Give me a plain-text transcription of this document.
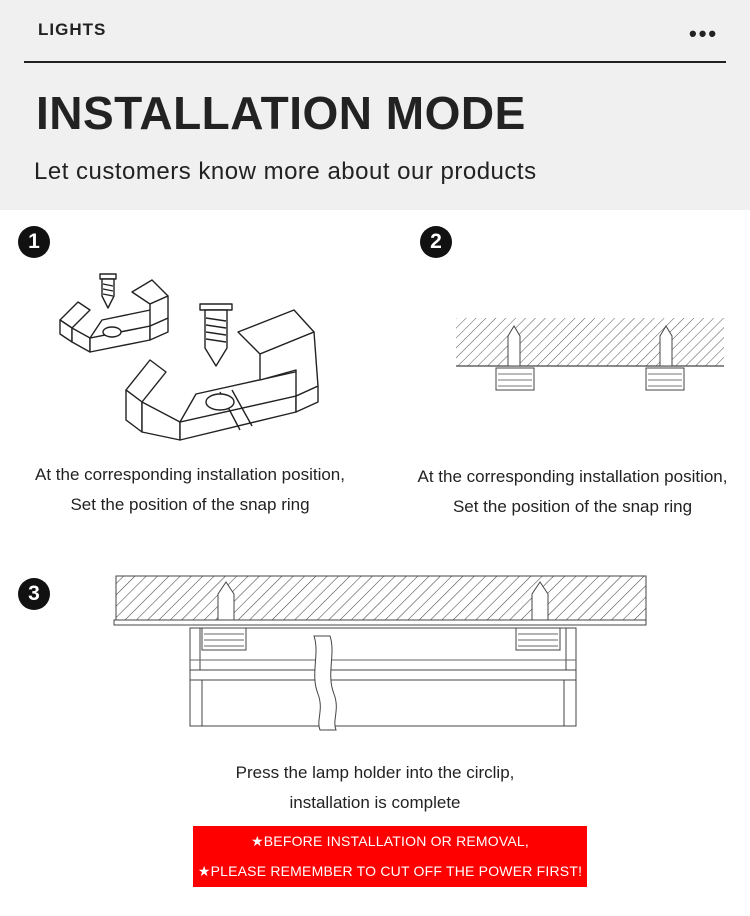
LIGHTS	•••
INSTALLATION MODE
Let customers know more about our products
1
At the corresponding installation position,
Set the position of the snap ring
2
At the corresponding installation position,
Set the position of the snap ring
3
Press the lamp holder into the circlip,
installation is complete
★BEFORE INSTALLATION OR REMOVAL,
★PLEASE REMEMBER TO CUT OFF THE POWER FIRST!
